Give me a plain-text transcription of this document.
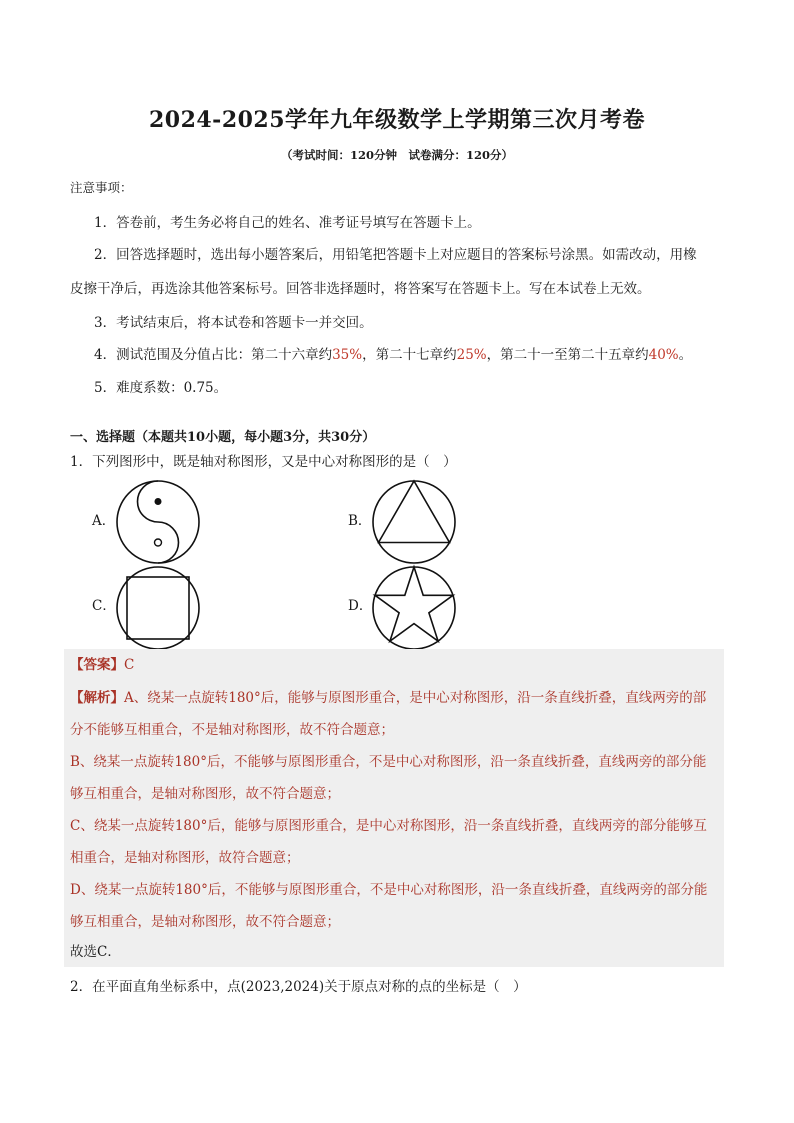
2024-2025学年九年级数学上学期第三次月考卷
（考试时间：120分钟　试卷满分：120分）
注意事项：
1．答卷前，考生务必将自己的姓名、准考证号填写在答题卡上。
2．回答选择题时，选出每小题答案后，用铅笔把答题卡上对应题目的答案标号涂黑。如需改动，用橡
皮擦干净后，再选涂其他答案标号。回答非选择题时，将答案写在答题卡上。写在本试卷上无效。
3．考试结束后，将本试卷和答题卡一并交回。
4．测试范围及分值占比：第二十六章约35%，第二十七章约25%，第二十一至第二十五章约40%。
5．难度系数：0.75。
一、选择题（本题共10小题，每小题3分，共30分）
1．下列图形中，既是轴对称图形，又是中心对称图形的是（　）
A．	B．
C．	D．
【答案】C
【解析】A、绕某一点旋转180°后，能够与原图形重合，是中心对称图形，沿一条直线折叠，直线两旁的部
分不能够互相重合，不是轴对称图形，故不符合题意；
B、绕某一点旋转180°后，不能够与原图形重合，不是中心对称图形，沿一条直线折叠，直线两旁的部分能
够互相重合，是轴对称图形，故不符合题意；
C、绕某一点旋转180°后，能够与原图形重合，是中心对称图形，沿一条直线折叠，直线两旁的部分能够互
相重合，是轴对称图形，故符合题意；
D、绕某一点旋转180°后，不能够与原图形重合，不是中心对称图形，沿一条直线折叠，直线两旁的部分能
够互相重合，是轴对称图形，故不符合题意；
故选C．
2．在平面直角坐标系中，点(2023,2024)关于原点对称的点的坐标是（　）
